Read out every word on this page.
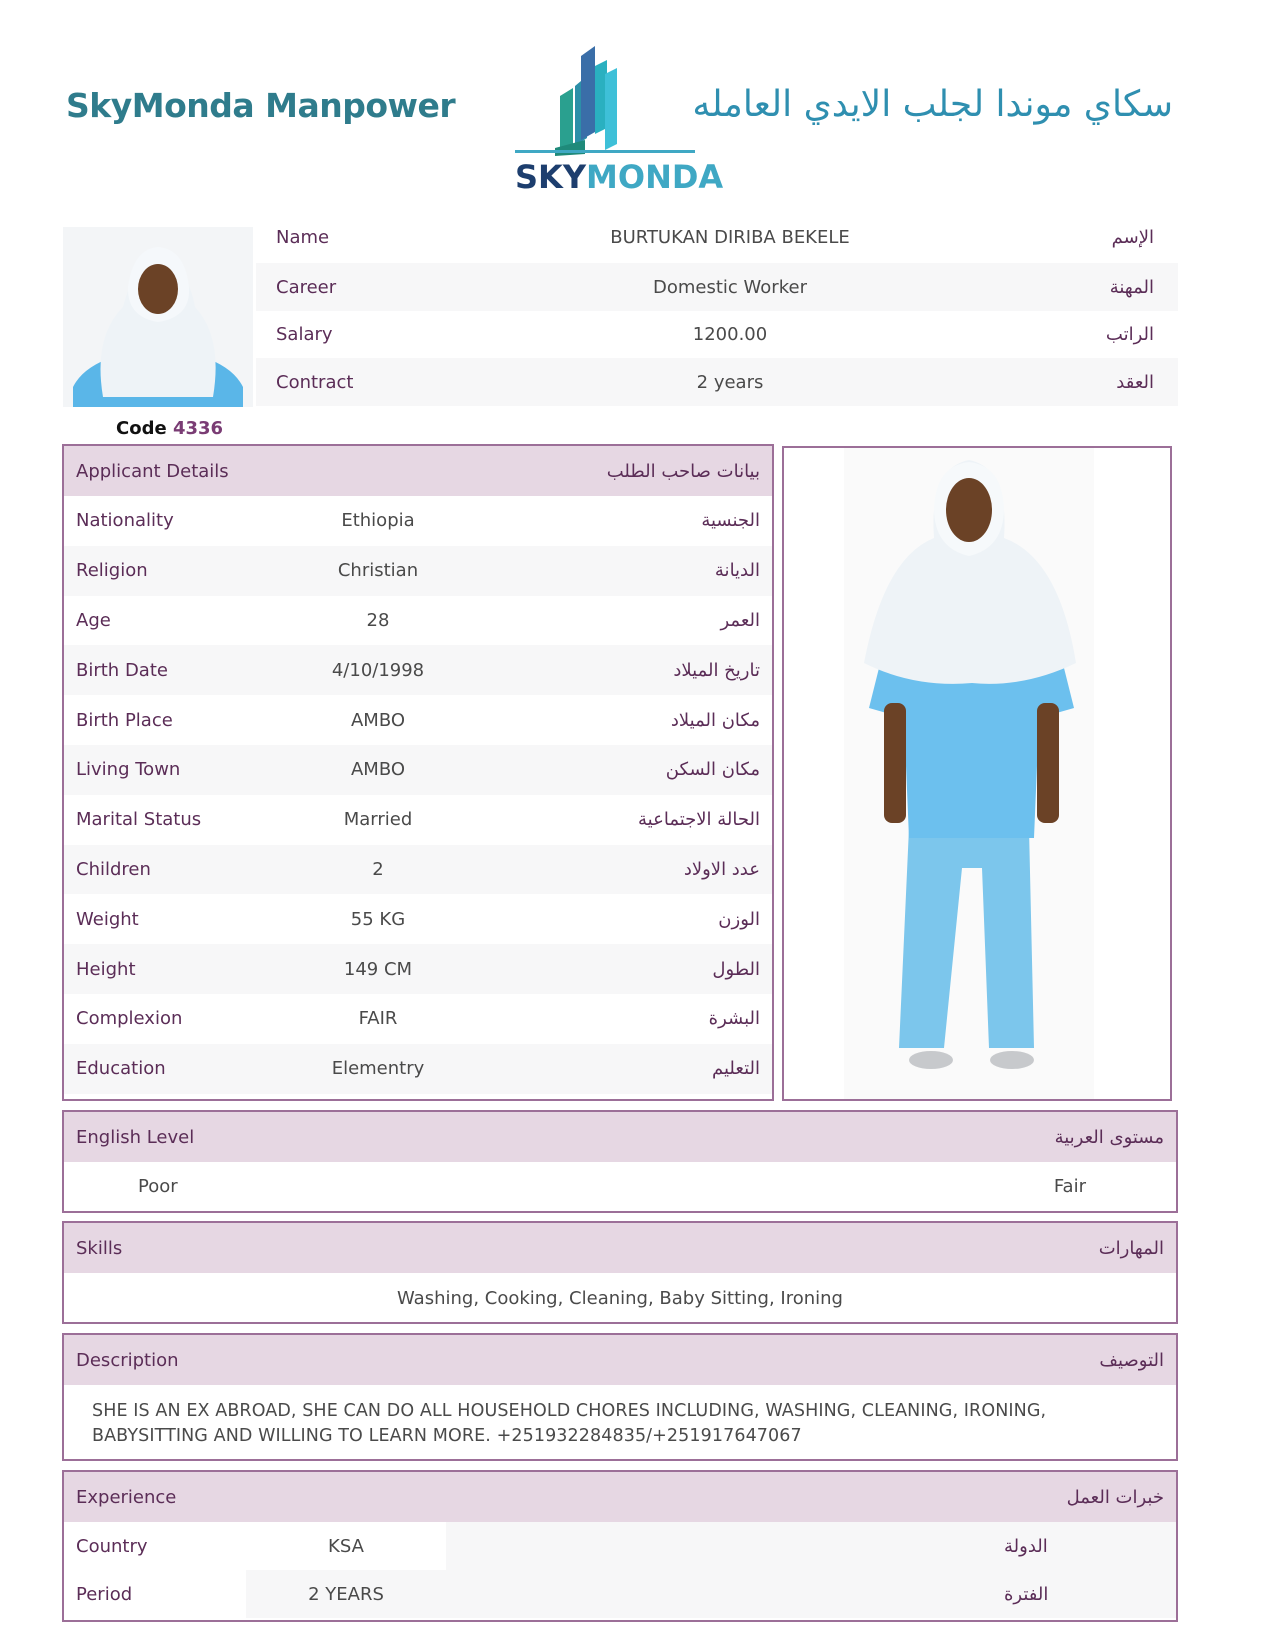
SkyMonda Manpower
SKYMONDA
سكاي موندا لجلب الايدي العامله
Code 4336
Name	BURTUKAN DIRIBA BEKELE	الإسم
Career	Domestic Worker	المهنة
Salary	1200.00	الراتب
Contract	2 years	العقد
Applicant Details	بيانات صاحب الطلب
Nationality	Ethiopia	الجنسية
Religion	Christian	الديانة
Age	28	العمر
Birth Date	4/10/1998	تاريخ الميلاد
Birth Place	AMBO	مكان الميلاد
Living Town	AMBO	مكان السكن
Marital Status	Married	الحالة الاجتماعية
Children	2	عدد الاولاد
Weight	55 KG	الوزن
Height	149 CM	الطول
Complexion	FAIR	البشرة
Education	Elementry	التعليم
English Level	مستوى العربية
Poor	Fair
Skills	المهارات
Washing, Cooking, Cleaning, Baby Sitting, Ironing
Description	التوصيف
SHE IS AN EX ABROAD, SHE CAN DO ALL HOUSEHOLD CHORES INCLUDING, WASHING, CLEANING, IRONING, BABYSITTING AND WILLING TO LEARN MORE. +251932284835/+251917647067
Experience	خبرات العمل
Country	KSA	الدولة
Period	2 YEARS	الفترة
